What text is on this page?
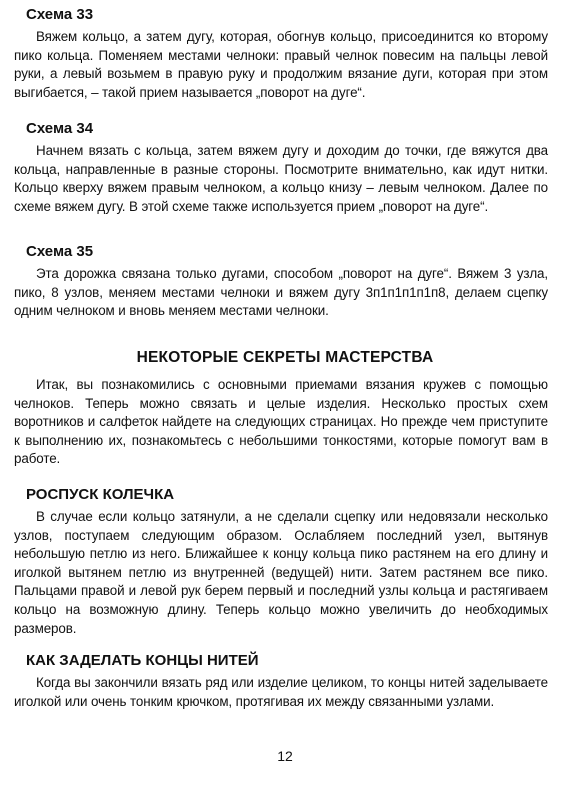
Схема 33

Вяжем кольцо, а затем дугу, которая, обогнув кольцо, присоединится ко второму пико кольца. Поменяем местами челноки: правый челнок повесим на пальцы левой руки, а левый возьмем в правую руку и продолжим вязание дуги, которая при этом выгибается, – такой прием называется „поворот на дуге“.

Схема 34

Начнем вязать с кольца, затем вяжем дугу и доходим до точки, где вяжутся два кольца, направленные в разные стороны. Посмотрите внимательно, как идут нитки. Кольцо кверху вяжем правым челноком, а кольцо книзу – левым челноком. Далее по схеме вяжем дугу. В этой схеме также используется прием „поворот на дуге“.

Схема 35

Эта дорожка связана только дугами, способом „поворот на дуге“. Вяжем 3 узла, пико, 8 узлов, меняем местами челноки и вяжем дугу 3п1п1п1п1п8, делаем сцепку одним челноком и вновь меняем местами челноки.

НЕКОТОРЫЕ СЕКРЕТЫ МАСТЕРСТВА

Итак, вы познакомились с основными приемами вязания кружев с помощью челноков. Теперь можно связать и целые изделия. Несколько простых схем воротников и салфеток найдете на следующих страницах. Но прежде чем приступите к выполнению их, познакомьтесь с небольшими тонкостями, которые помогут вам в работе.

РОСПУСК КОЛЕЧКА

В случае если кольцо затянули, а не сделали сцепку или недовязали несколько узлов, поступаем следующим образом. Ослабляем последний узел, вытянув небольшую петлю из него. Ближайшее к концу кольца пико растянем на его длину и иголкой вытянем петлю из внутренней (ведущей) нити. Затем растянем все пико. Пальцами правой и левой рук берем первый и последний узлы кольца и растягиваем кольцо на возможную длину. Теперь кольцо можно увеличить до необходимых размеров.

КАК ЗАДЕЛАТЬ КОНЦЫ НИТЕЙ

Когда вы закончили вязать ряд или изделие целиком, то концы нитей заделываете иголкой или очень тонким крючком, протягивая их между связанными узлами.

12
